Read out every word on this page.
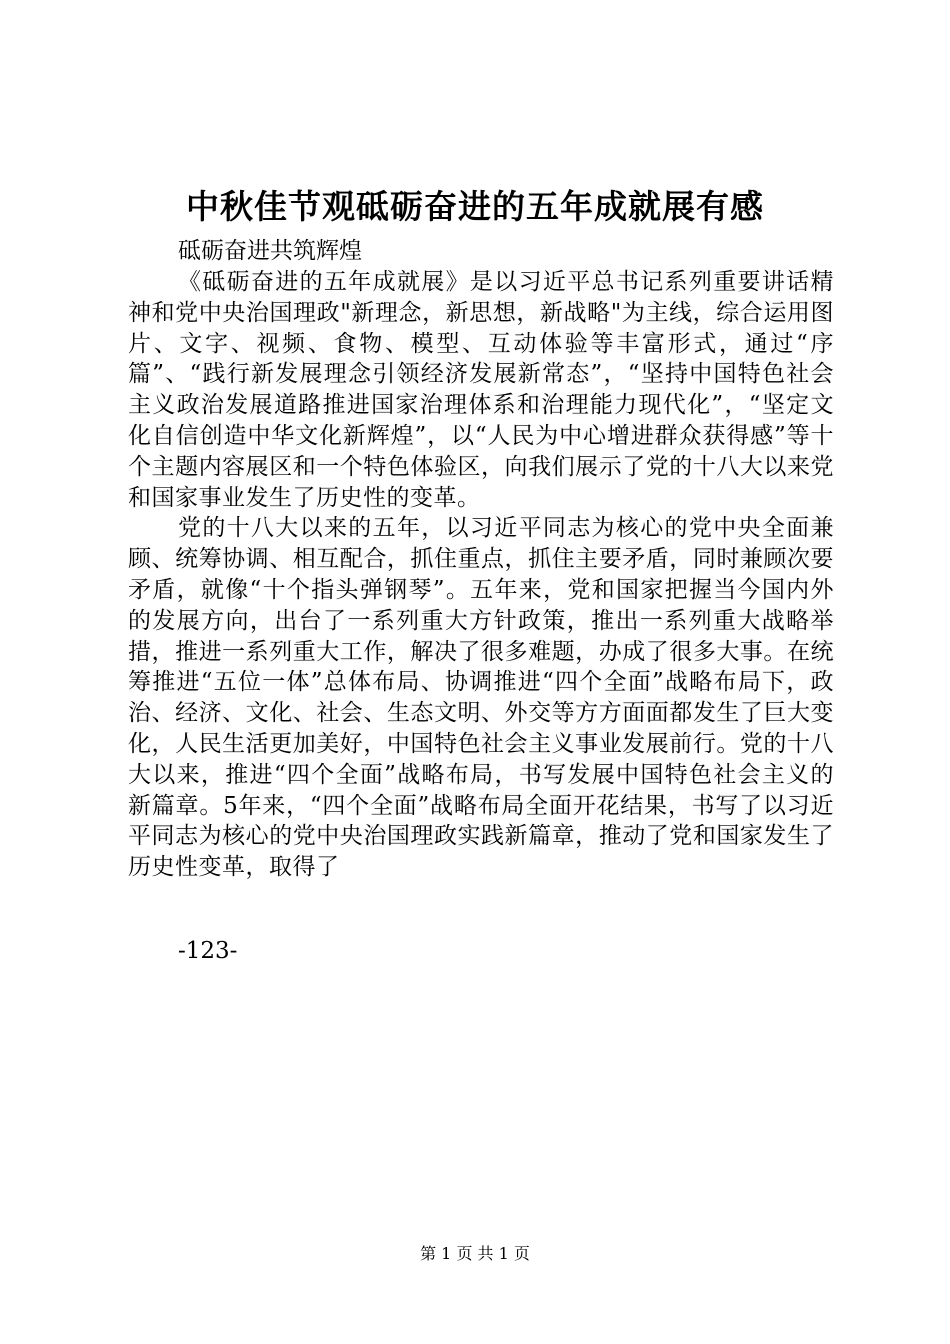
中秋佳节观砥砺奋进的五年成就展有感

砥砺奋进共筑辉煌

《砥砺奋进的五年成就展》是以习近平总书记系列重要讲话精神和党中央治国理政"新理念，新思想，新战略"为主线，综合运用图片、文字、视频、食物、模型、互动体验等丰富形式，通过“序篇”、“践行新发展理念引领经济发展新常态”，“坚持中国特色社会主义政治发展道路推进国家治理体系和治理能力现代化”，“坚定文化自信创造中华文化新辉煌”，以“人民为中心增进群众获得感”等十个主题内容展区和一个特色体验区，向我们展示了党的十八大以来党和国家事业发生了历史性的变革。

党的十八大以来的五年，以习近平同志为核心的党中央全面兼顾、统筹协调、相互配合，抓住重点，抓住主要矛盾，同时兼顾次要矛盾，就像“十个指头弹钢琴”。五年来，党和国家把握当今国内外的发展方向，出台了一系列重大方针政策，推出一系列重大战略举措，推进一系列重大工作，解决了很多难题，办成了很多大事。在统筹推进“五位一体”总体布局、协调推进“四个全面”战略布局下，政治、经济、文化、社会、生态文明、外交等方方面面都发生了巨大变化，人民生活更加美好，中国特色社会主义事业发展前行。党的十八大以来，推进“四个全面”战略布局，书写发展中国特色社会主义的新篇章。5年来，“四个全面”战略布局全面开花结果，书写了以习近平同志为核心的党中央治国理政实践新篇章，推动了党和国家发生了历史性变革，取得了

-123-

第 1 页 共 1 页
